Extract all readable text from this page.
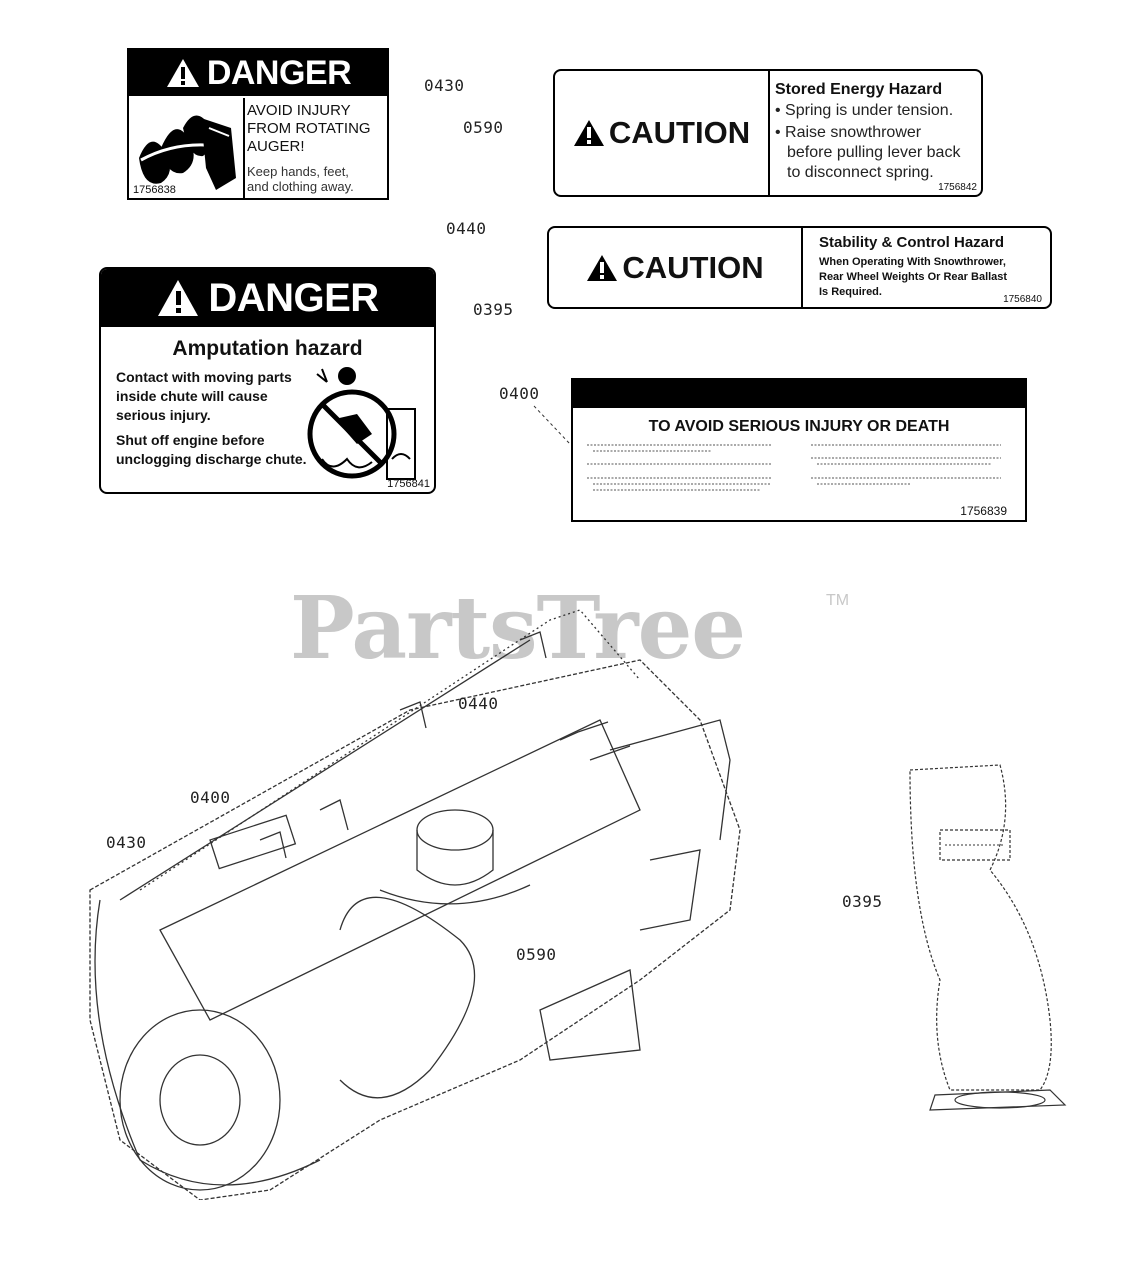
0430
0590
0440
0395
0400
DANGER
AVOID INJURY
FROM ROTATING
AUGER!
Keep hands, feet,
and clothing away.
1756838
CAUTION
Stored Energy Hazard
• Spring is under tension.
• Raise snowthrower
before pulling lever back
to disconnect spring.
1756842
CAUTION
Stability & Control Hazard
When Operating With Snowthrower,
Rear Wheel Weights Or Rear Ballast
Is Required.
1756840
DANGER
Amputation hazard
Contact with moving parts
inside chute will cause
serious injury.
Shut off engine before
unclogging discharge chute.
1756841
TO AVOID SERIOUS INJURY OR DEATH
1756839
PartsTree	TM
0440
0400
0430
0590
0395
